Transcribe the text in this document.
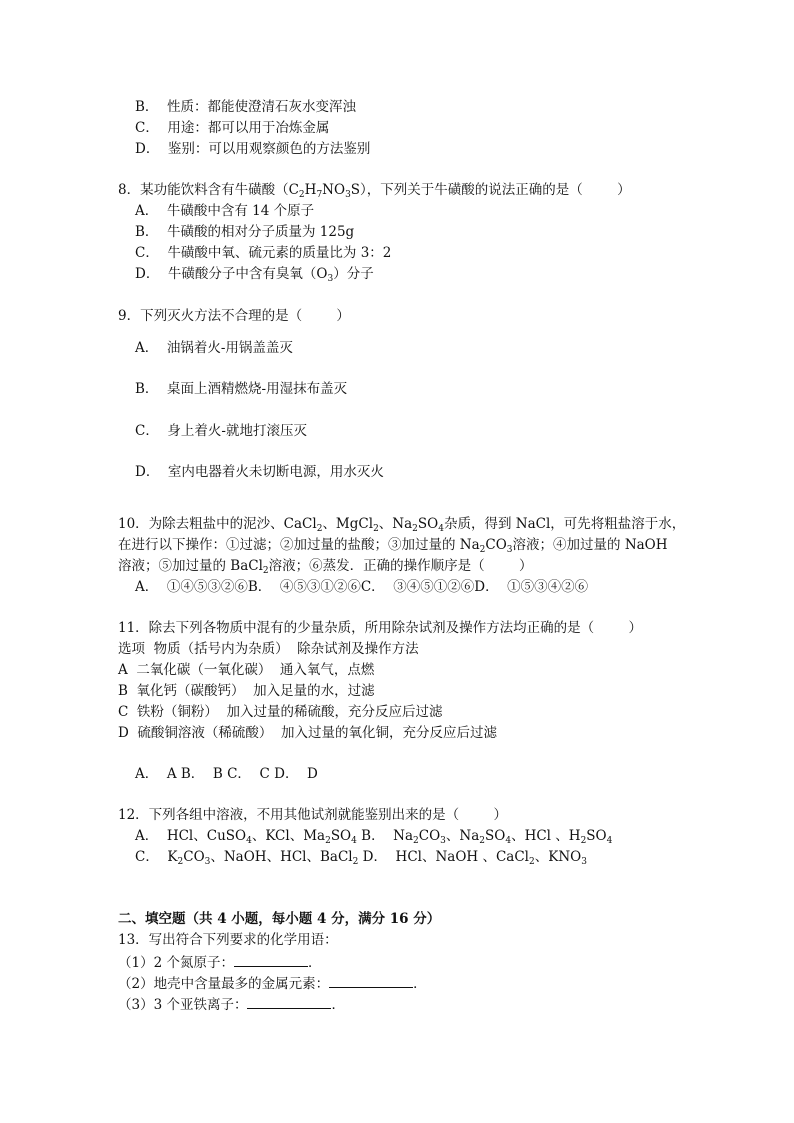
B．  性质：都能使澄清石灰水变浑浊
C．  用途：都可以用于冶炼金属
D．  鉴别：可以用观察颜色的方法鉴别
8．某功能饮料含有牛磺酸$(C_2H_7NO_3S)$，下列关于牛磺酸的说法正确的是（        ）
A．  牛磺酸中含有 14 个原子
B．  牛磺酸的相对分子质量为 125g
C．  牛磺酸中氧、硫元素的质量比为 3：2
D．  牛磺酸分子中含有臭氧$(O_3)$分子
9．下列灭火方法不合理的是（        ）
A．  油锅着火-用锅盖盖灭
B．  桌面上酒精燃烧-用湿抹布盖灭
C．  身上着火-就地打滚压灭
D．  室内电器着火未切断电源，用水灭火
10．为除去粗盐中的泥沙、CaCl$_2$、MgCl$_2$、$Na_2SO_4$杂质，得到 NaCl，可先将粗盐溶于水，
在进行以下操作：①过滤；②加过量的盐酸；③加过量的 $Na_2CO_3$溶液；④加过量的 NaOH
溶液；⑤加过量的 BaCl$_2$溶液；⑥蒸发．正确的操作顺序是（        ）
A．  ①④⑤③②⑥B．  ④⑤③①②⑥C．  ③④⑤①②⑥D．  ①⑤③④②⑥
11．除去下列各物质中混有的少量杂质，所用除杂试剂及操作方法均正确的是（        ）
选项  物质（括号内为杂质）  除杂试剂及操作方法
A  二氧化碳（一氧化碳）  通入氧气，点燃
B  氧化钙（碳酸钙）  加入足量的水，过滤
C  铁粉（铜粉）  加入过量的稀硫酸，充分反应后过滤
D  硫酸铜溶液（稀硫酸）  加入过量的氧化铜，充分反应后过滤
A．  A B．  B C．  C D．  D
12．下列各组中溶液，不用其他试剂就能鉴别出来的是（        ）
A．  HCl、CuSO$_4$、KCl、$Ma_2SO_4$ B．  $Na_2CO_3$、$Na_2SO_4$、HCl 、$H_2SO_4$
C．  $K_2CO_3$、NaOH、HCl、BaCl$_2$ D．  HCl、NaOH 、CaCl$_2$、$KNO_3$
二、填空题（共 4 小题，每小题 4 分，满分 16 分）
13．写出符合下列要求的化学用语：
（1）2 个氮原子：	．
（2）地壳中含量最多的金属元素：	．
（3）3 个亚铁离子：	．
